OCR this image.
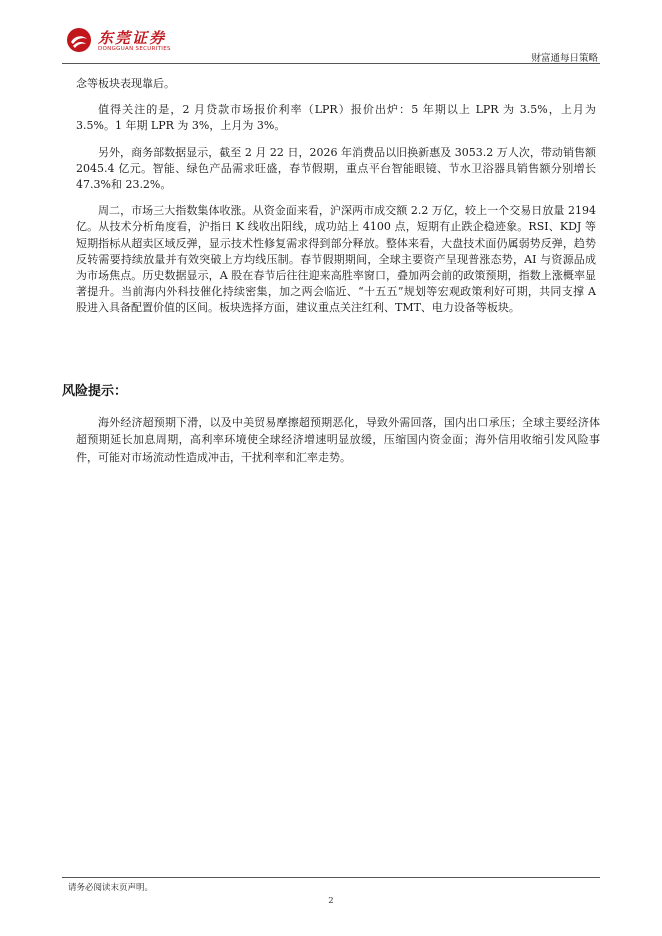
东莞证券
DONGGUAN SECURITIES
财富通每日策略

念等板块表现靠后。

值得关注的是，2 月贷款市场报价利率（LPR）报价出炉：5 年期以上 LPR 为 3.5%，上月为 3.5%。1 年期 LPR 为 3%，上月为 3%。

另外，商务部数据显示，截至 2 月 22 日，2026 年消费品以旧换新惠及 3053.2 万人次，带动销售额 2045.4 亿元。智能、绿色产品需求旺盛，春节假期，重点平台智能眼镜、节水卫浴器具销售额分别增长 47.3%和 23.2%。

周二，市场三大指数集体收涨。从资金面来看，沪深两市成交额 2.2 万亿，较上一个交易日放量 2194 亿。从技术分析角度看，沪指日 K 线收出阳线，成功站上 4100 点，短期有止跌企稳迹象。RSI、KDJ 等短期指标从超卖区域反弹，显示技术性修复需求得到部分释放。整体来看，大盘技术面仍属弱势反弹，趋势反转需要持续放量并有效突破上方均线压制。春节假期期间，全球主要资产呈现普涨态势，AI 与资源品成为市场焦点。历史数据显示，A 股在春节后往往迎来高胜率窗口，叠加两会前的政策预期，指数上涨概率显著提升。当前海内外科技催化持续密集，加之两会临近、“十五五”规划等宏观政策利好可期，共同支撑 A 股进入具备配置价值的区间。板块选择方面，建议重点关注红利、TMT、电力设备等板块。

风险提示：

海外经济超预期下滑，以及中美贸易摩擦超预期恶化，导致外需回落，国内出口承压；全球主要经济体超预期延长加息周期，高利率环境使全球经济增速明显放缓，压缩国内资金面；海外信用收缩引发风险事件，可能对市场流动性造成冲击，干扰利率和汇率走势。

请务必阅读末页声明。
2
